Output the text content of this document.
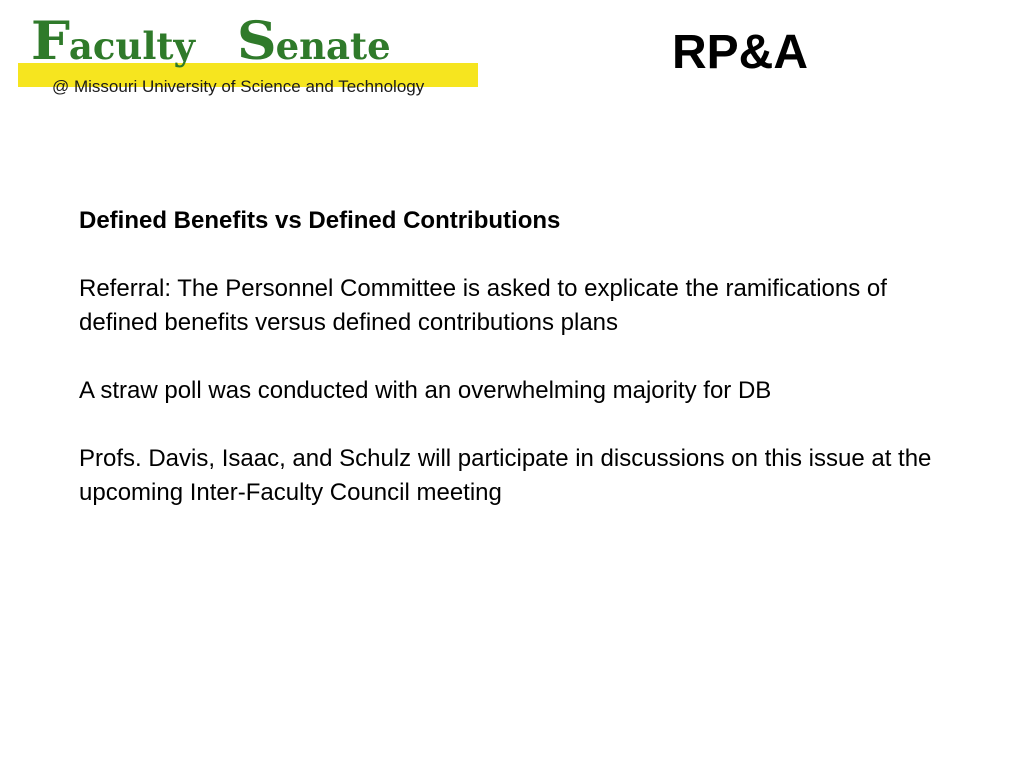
Faculty Senate
@ Missouri University of Science and Technology
RP&A

Defined Benefits vs Defined Contributions

Referral: The Personnel Committee is asked to explicate the ramifications of defined benefits versus defined contributions plans

A straw poll was conducted with an overwhelming majority for DB

Profs. Davis, Isaac, and Schulz will participate in discussions on this issue at the upcoming Inter-Faculty Council meeting
